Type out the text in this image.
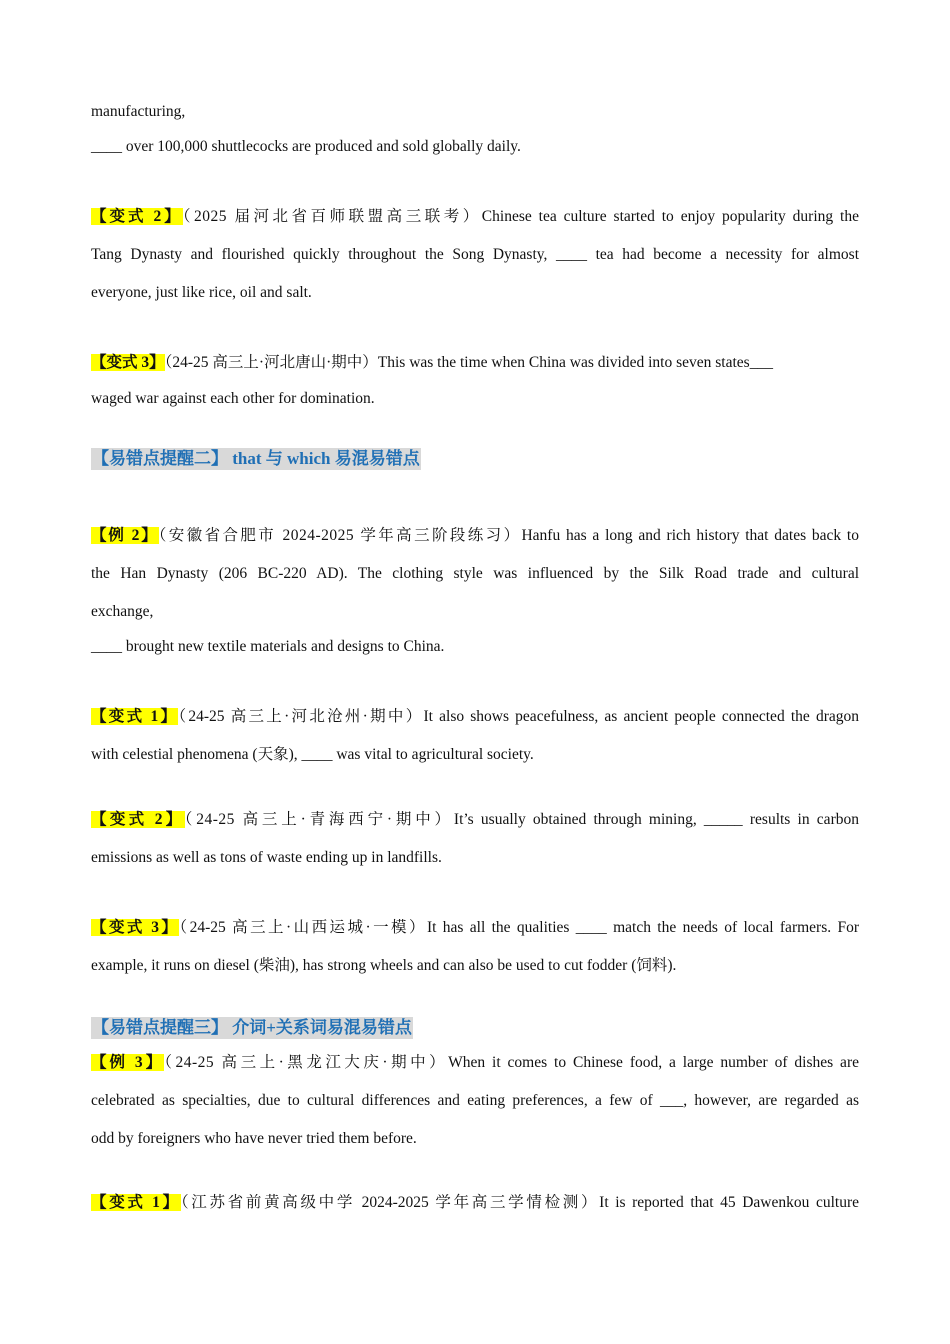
manufacturing,
____ over 100,000 shuttlecocks are produced and sold globally daily.
【变式 2】（2025 届河北省百师联盟高三联考）Chinese tea culture started to enjoy popularity during the
Tang Dynasty and flourished quickly throughout the Song Dynasty, ____ tea had become a necessity for almost
everyone, just like rice, oil and salt.
【变式 3】（24-25 高三上·河北唐山·期中）This was the time when China was divided into seven states___
waged war against each other for domination.
【易错点提醒二】 that 与 which 易混易错点
【例 2】（安徽省合肥市 2024-2025 学年高三阶段练习）Hanfu has a long and rich history that dates back to
the Han Dynasty (206 BC-220 AD). The clothing style was influenced by the Silk Road trade and cultural
exchange,
____ brought new textile materials and designs to China.
【变式 1】（24-25 高三上·河北沧州·期中）It also shows peacefulness, as ancient people connected the dragon
with celestial phenomena (天象), ____ was vital to agricultural society.
【变式 2】（24-25 高三上·青海西宁·期中）It’s usually obtained through mining, _____ results in carbon
emissions as well as tons of waste ending up in landfills.
【变式 3】（24-25 高三上·山西运城·一模）It has all the qualities ____ match the needs of local farmers. For
example, it runs on diesel (柴油), has strong wheels and can also be used to cut fodder (饲料).
【易错点提醒三】 介词+关系词易混易错点
【例 3】（24-25 高三上·黑龙江大庆·期中）When it comes to Chinese food, a large number of dishes are
celebrated as specialties, due to cultural differences and eating preferences, a few of ___, however, are regarded as
odd by foreigners who have never tried them before.
【变式 1】（江苏省前黄高级中学 2024-2025 学年高三学情检测）It is reported that 45 Dawenkou culture
